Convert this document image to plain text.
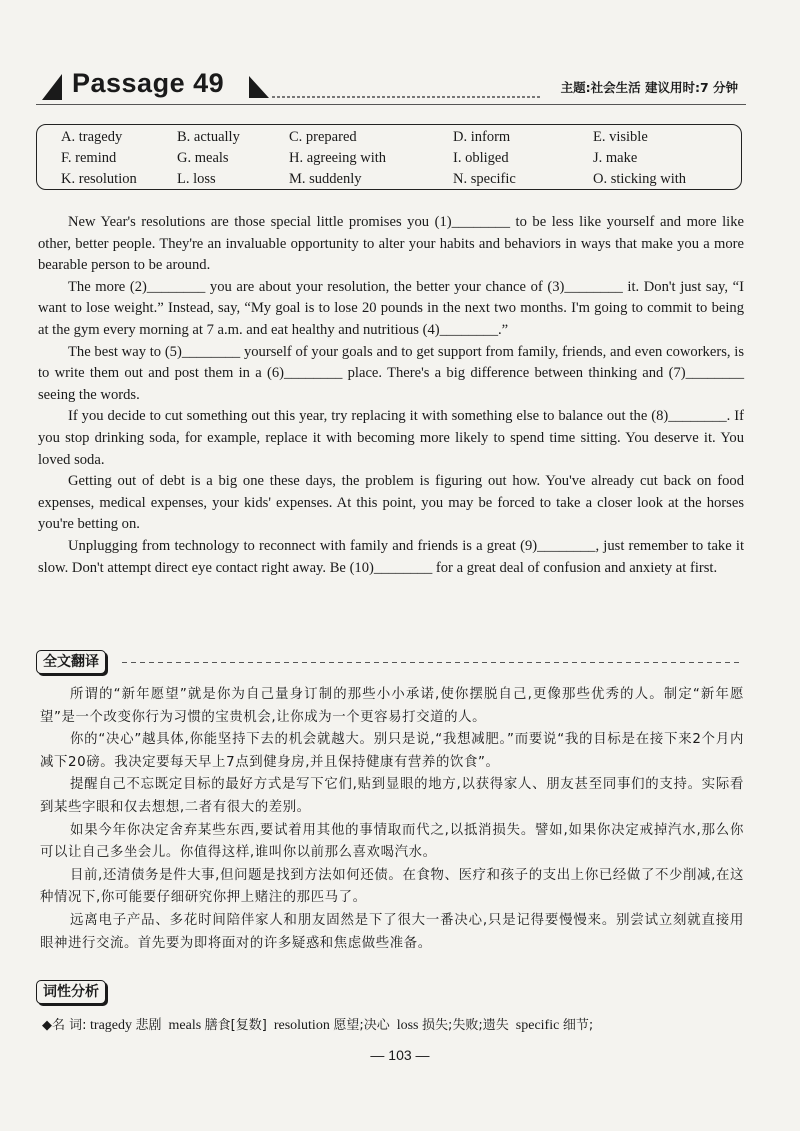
Passage 49	主题:社会生活 建议用时:7 分钟
A. tragedy	B. actually	C. prepared	D. inform	E. visible
F. remind	G. meals	H. agreeing with	I. obliged	J. make
K. resolution	L. loss	M. suddenly	N. specific	O. sticking with

New Year's resolutions are those special little promises you (1)________ to be less like yourself and more like other, better people. They're an invaluable opportunity to alter your habits and behaviors in ways that make you a more bearable person to be around.

The more (2)________ you are about your resolution, the better your chance of (3)________ it. Don't just say, “I want to lose weight.” Instead, say, “My goal is to lose 20 pounds in the next two months. I'm going to commit to being at the gym every morning at 7 a.m. and eat healthy and nutritious (4)________.”

The best way to (5)________ yourself of your goals and to get support from family, friends, and even coworkers, is to write them out and post them in a (6)________ place. There's a big difference between thinking and (7)________ seeing the words.

If you decide to cut something out this year, try replacing it with something else to balance out the (8)________. If you stop drinking soda, for example, replace it with becoming more likely to spend time sitting. You deserve it. You loved soda.

Getting out of debt is a big one these days, the problem is figuring out how. You've already cut back on food expenses, medical expenses, your kids' expenses. At this point, you may be forced to take a closer look at the horses you're betting on.

Unplugging from technology to reconnect with family and friends is a great (9)________, just remember to take it slow. Don't attempt direct eye contact right away. Be (10)________ for a great deal of confusion and anxiety at first.

全文翻译

所谓的“新年愿望”就是你为自己量身订制的那些小小承诺,使你摆脱自己,更像那些优秀的人。制定“新年愿望”是一个改变你行为习惯的宝贵机会,让你成为一个更容易打交道的人。

你的“决心”越具体,你能坚持下去的机会就越大。别只是说,“我想减肥。”而要说“我的目标是在接下来2个月内减下20磅。我决定要每天早上7点到健身房,并且保持健康有营养的饮食”。

提醒自己不忘既定目标的最好方式是写下它们,贴到显眼的地方,以获得家人、朋友甚至同事们的支持。实际看到某些字眼和仅去想想,二者有很大的差别。

如果今年你决定舍弃某些东西,要试着用其他的事情取而代之,以抵消损失。譬如,如果你决定戒掉汽水,那么你可以让自己多坐会儿。你值得这样,谁叫你以前那么喜欢喝汽水。

目前,还清债务是件大事,但问题是找到方法如何还债。在食物、医疗和孩子的支出上你已经做了不少削减,在这种情况下,你可能要仔细研究你押上赌注的那匹马了。

远离电子产品、多花时间陪伴家人和朋友固然是下了很大一番决心,只是记得要慢慢来。别尝试立刻就直接用眼神进行交流。首先要为即将面对的许多疑惑和焦虑做些准备。

词性分析
◆名 词: tragedy 悲剧 meals 膳食[复数] resolution 愿望;决心 loss 损失;失败;遗失 specific 细节;
— 103 —
